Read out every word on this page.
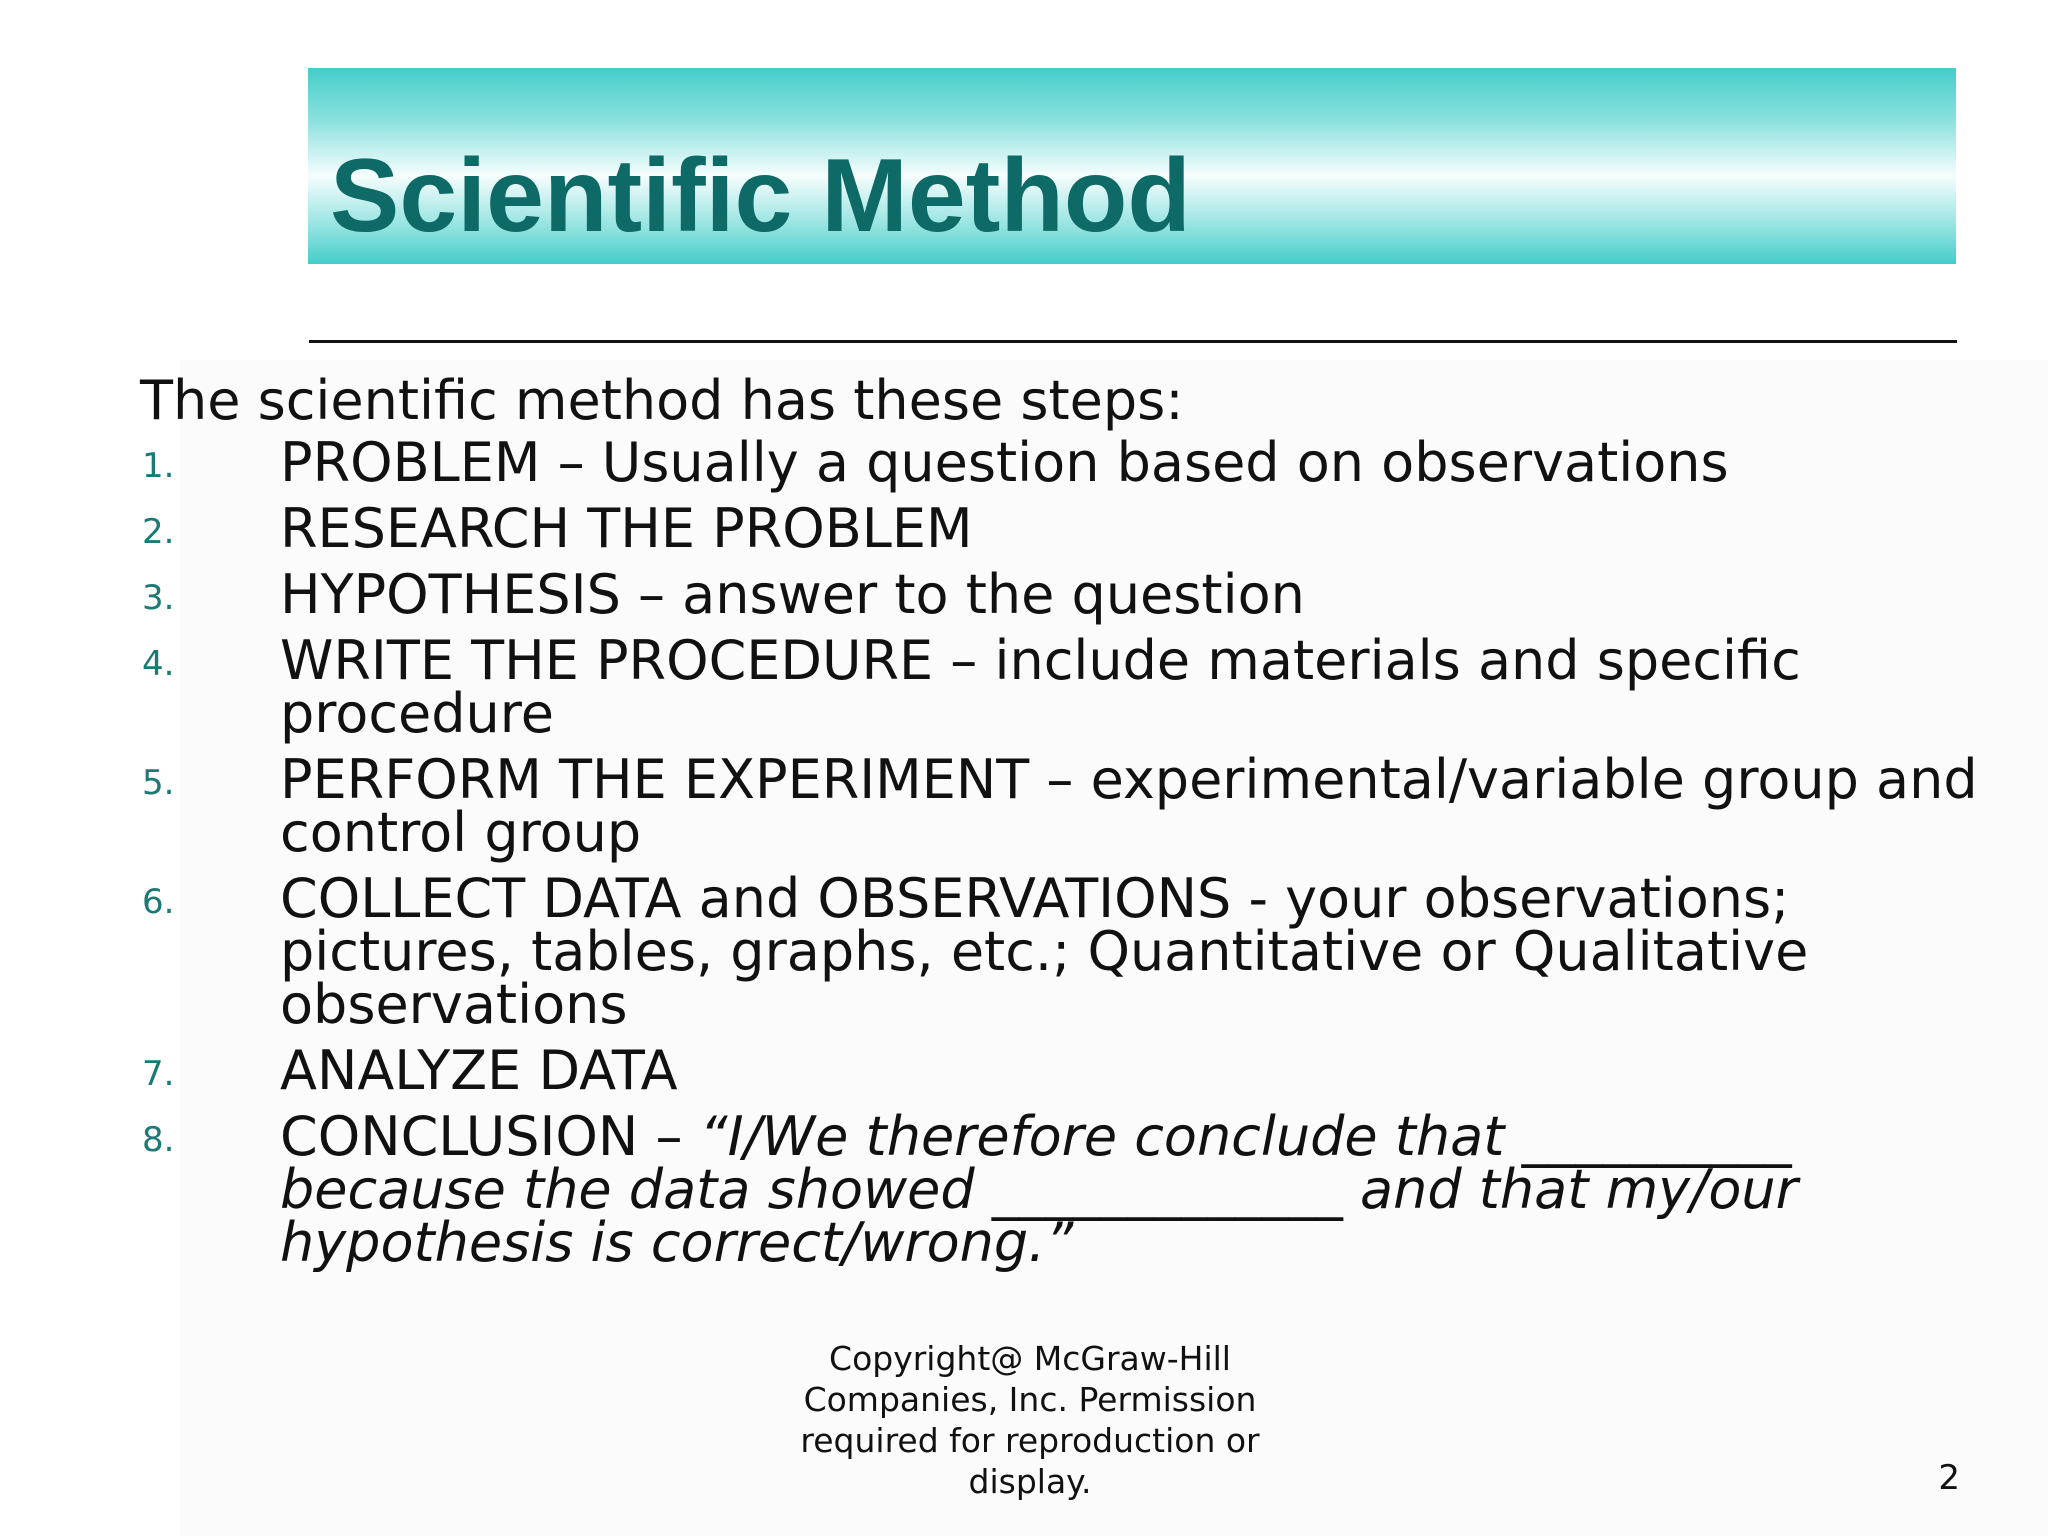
Scientific Method

The scientific method has these steps:

1. PROBLEM – Usually a question based on observations
2. RESEARCH THE PROBLEM
3. HYPOTHESIS – answer to the question
4. WRITE THE PROCEDURE – include materials and specific procedure
5. PERFORM THE EXPERIMENT – experimental/variable group and control group
6. COLLECT DATA and OBSERVATIONS - your observations; pictures, tables, graphs, etc.; Quantitative or Qualitative observations
7. ANALYZE DATA
8. CONCLUSION – “I/We therefore conclude that __________ because the data showed _____________ and that my/our hypothesis is correct/wrong.”
Copyright@ McGraw-Hill Companies, Inc. Permission required for reproduction or display.	2
